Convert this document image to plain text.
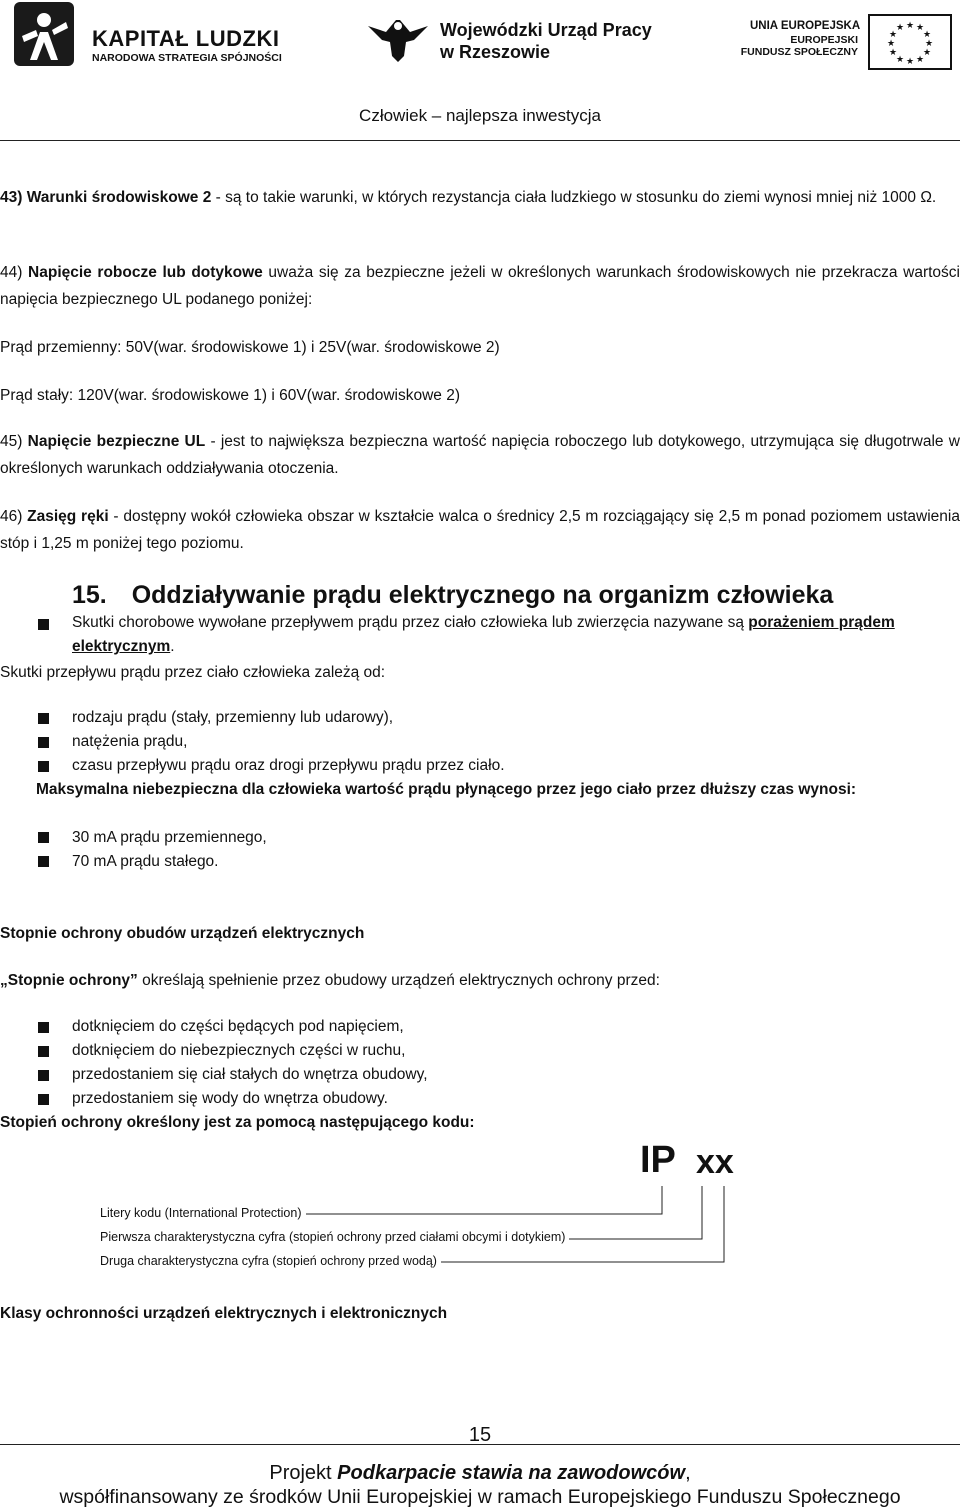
KAPITAŁ LUDZKI
NARODOWA STRATEGIA SPÓJNOŚCI
Wojewódzki Urząd Pracy
w Rzeszowie
UNIA EUROPEJSKA
EUROPEJSKI
FUNDUSZ SPOŁECZNY
★ ★
★
★
★
★
★
★
★
★
★
★
Człowiek – najlepsza inwestycja
43) Warunki środowiskowe 2 - są to takie warunki, w których rezystancja ciała ludzkiego w stosunku do ziemi wynosi mniej niż 1000 Ω.
44) Napięcie robocze lub dotykowe uważa się za bezpieczne jeżeli w określonych warunkach środowiskowych nie przekracza wartości napięcia bezpiecznego UL podanego poniżej:
Prąd przemienny: 50V(war. środowiskowe 1) i 25V(war. środowiskowe 2)
Prąd stały: 120V(war. środowiskowe 1) i 60V(war. środowiskowe 2)
45) Napięcie bezpieczne UL - jest to największa bezpieczna wartość napięcia roboczego lub dotykowego, utrzymująca się długotrwale w określonych warunkach oddziaływania otoczenia.
46) Zasięg ręki - dostępny wokół człowieka obszar w kształcie walca o średnicy 2,5 m rozciągający się 2,5 m ponad poziomem ustawienia stóp i 1,25 m poniżej tego poziomu.
15. Oddziaływanie prądu elektrycznego na organizm człowieka
Skutki chorobowe wywołane przepływem prądu przez ciało człowieka lub zwierzęcia nazywane są porażeniem prądem elektrycznym.
Skutki przepływu prądu przez ciało człowieka zależą od:
rodzaju prądu (stały, przemienny lub udarowy),
natężenia prądu,
czasu przepływu prądu oraz drogi przepływu prądu przez ciało.
Maksymalna niebezpieczna dla człowieka wartość prądu płynącego przez jego ciało przez dłuższy czas wynosi:
30 mA prądu przemiennego,
70 mA prądu stałego.
Stopnie ochrony obudów urządzeń elektrycznych
„Stopnie ochrony” określają spełnienie przez obudowy urządzeń elektrycznych ochrony przed:
dotknięciem do części będących pod napięciem,
dotknięciem do niebezpiecznych części w ruchu,
przedostaniem się ciał stałych do wnętrza obudowy,
przedostaniem się wody do wnętrza obudowy.
Stopień ochrony określony jest za pomocą następującego kodu:
IP xx
Litery kodu (International Protection)
Pierwsza charakterystyczna cyfra (stopień ochrony przed ciałami obcymi i dotykiem)
Druga charakterystyczna cyfra (stopień ochrony przed wodą)
Klasy ochronności urządzeń elektrycznych i elektronicznych
15
Projekt Podkarpacie stawia na zawodowców,
współfinansowany ze środków Unii Europejskiej w ramach Europejskiego Funduszu Społecznego
